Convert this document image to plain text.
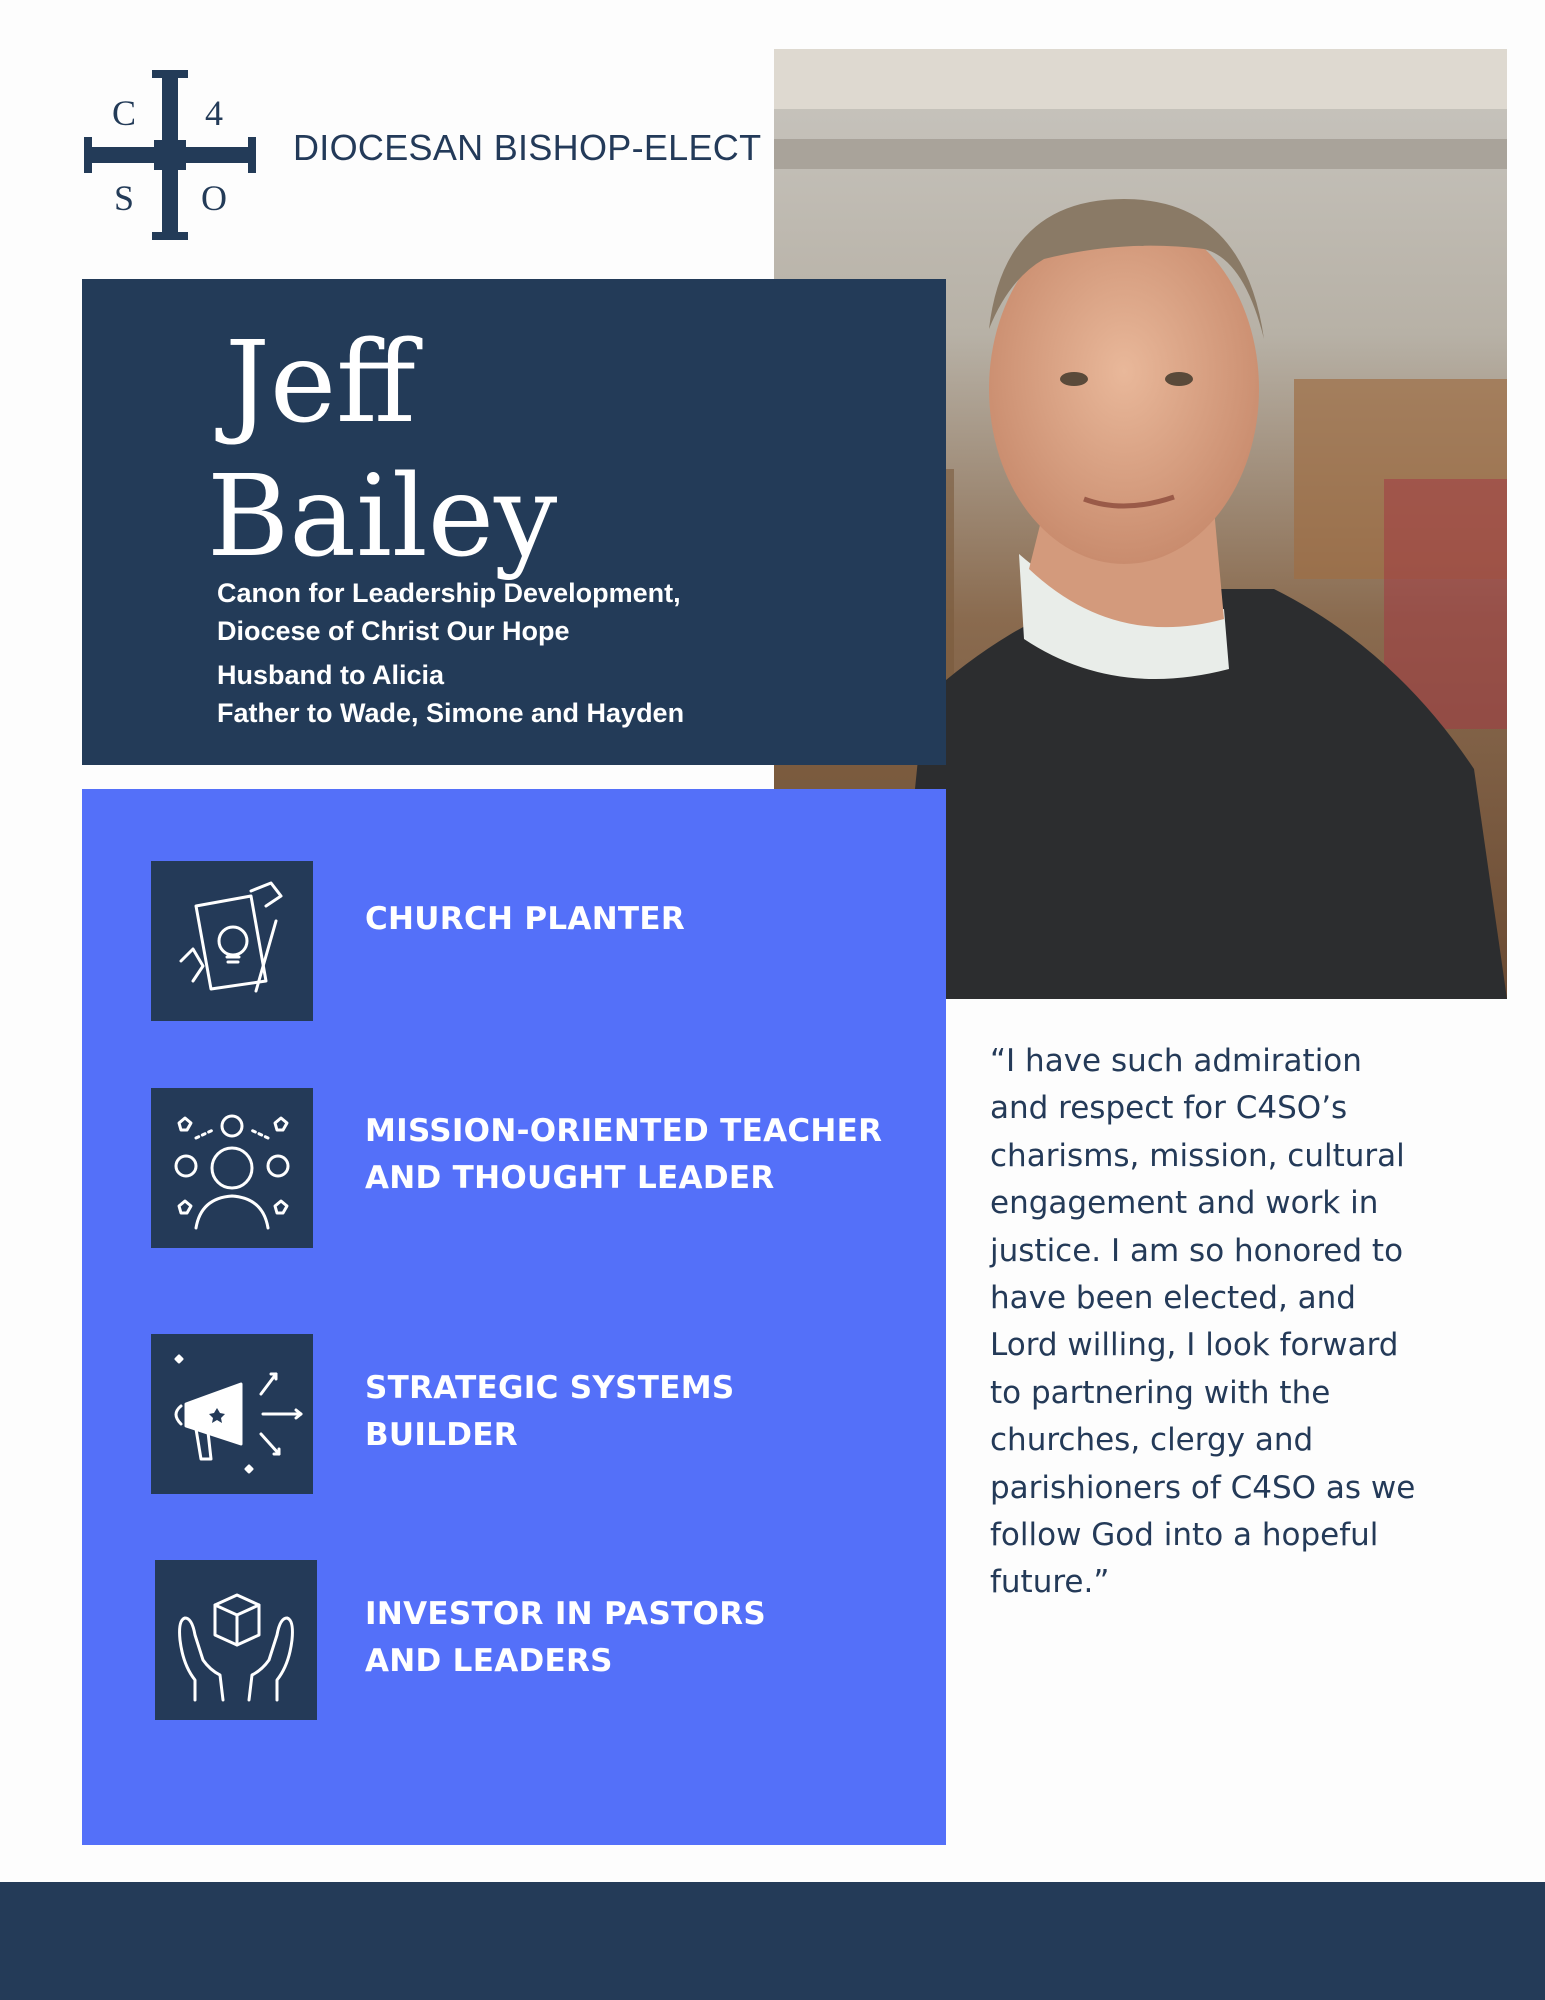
C 4
S O
DIOCESAN BISHOP-ELECT
Jeff
Bailey
Canon for Leadership Development,
Diocese of Christ Our Hope
Husband to Alicia
Father to Wade, Simone and Hayden
CHURCH PLANTER
MISSION-ORIENTED TEACHER
AND THOUGHT LEADER
STRATEGIC SYSTEMS
BUILDER
INVESTOR IN PASTORS
AND LEADERS
“I have such admiration
and respect for C4SO’s
charisms, mission, cultural
engagement and work in
justice. I am so honored to
have been elected, and
Lord willing, I look forward
to partnering with the
churches, clergy and
parishioners of C4SO as we
follow God into a hopeful
future.”
